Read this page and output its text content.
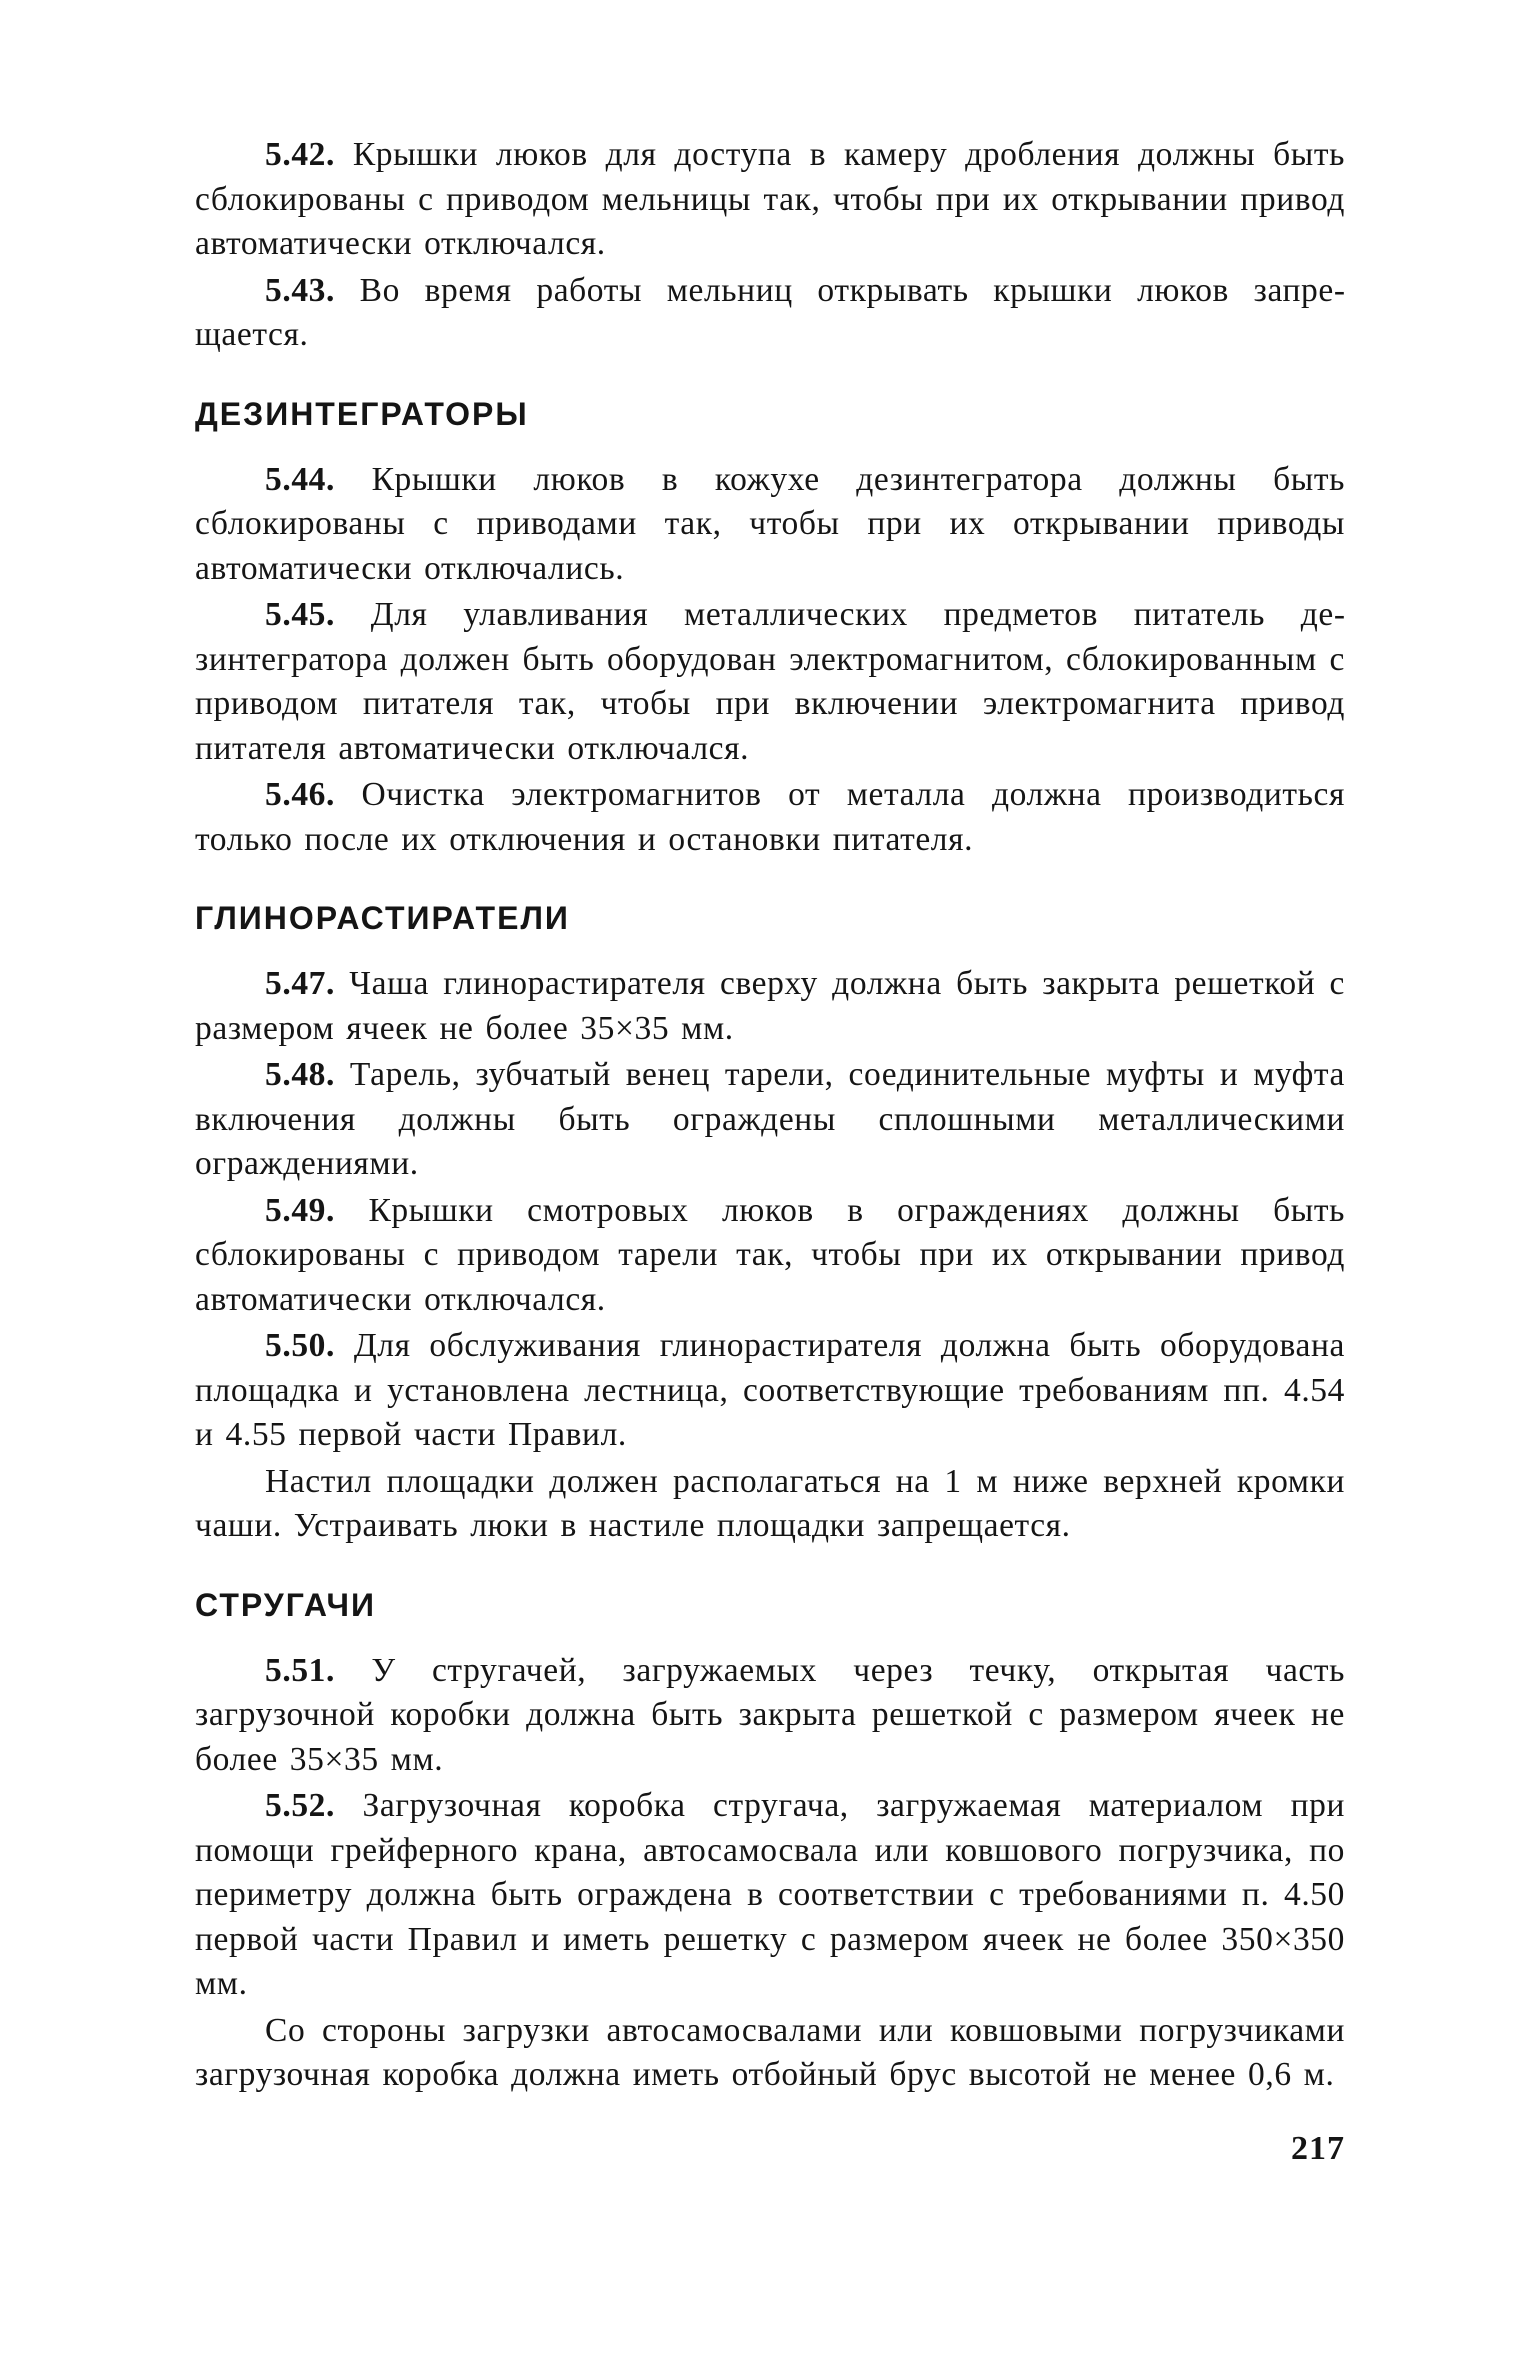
5.42. Крышки люков для доступа в камеру дробления должны быть сблокированы с приводом мельницы так, чтобы при их открывании привод автоматически отключался.

5.43. Во время работы мельниц открывать крышки люков запрещается.

ДЕЗИНТЕГРАТОРЫ

5.44. Крышки люков в кожухе дезинтегратора должны быть сблокированы с приводами так, чтобы при их открывании приводы автоматически отключались.

5.45. Для улавливания металлических предметов питатель дезинтегратора должен быть оборудован электромагнитом, сблокированным с приводом питателя так, чтобы при включении электромагнита привод питателя автоматически отключался.

5.46. Очистка электромагнитов от металла должна производиться только после их отключения и остановки питателя.

ГЛИНОРАСТИРАТЕЛИ

5.47. Чаша глинорастирателя сверху должна быть закрыта решеткой с размером ячеек не более 35×35 мм.

5.48. Тарель, зубчатый венец тарели, соединительные муфты и муфта включения должны быть ограждены сплошными металлическими ограждениями.

5.49. Крышки смотровых люков в ограждениях должны быть сблокированы с приводом тарели так, чтобы при их открывании привод автоматически отключался.

5.50. Для обслуживания глинорастирателя должна быть оборудована площадка и установлена лестница, соответствующие требованиям пп. 4.54 и 4.55 первой части Правил.

Настил площадки должен располагаться на 1 м ниже верхней кромки чаши. Устраивать люки в настиле площадки запрещается.

СТРУГАЧИ

5.51. У стругачей, загружаемых через течку, открытая часть загрузочной коробки должна быть закрыта решеткой с размером ячеек не более 35×35 мм.

5.52. Загрузочная коробка стругача, загружаемая материалом при помощи грейферного крана, автосамосвала или ковшового погрузчика, по периметру должна быть ограждена в соответствии с требованиями п. 4.50 первой части Правил и иметь решетку с размером ячеек не более 350×350 мм.

Со стороны загрузки автосамосвалами или ковшовыми погрузчиками загрузочная коробка должна иметь отбойный брус высотой не менее 0,6 м.

217
